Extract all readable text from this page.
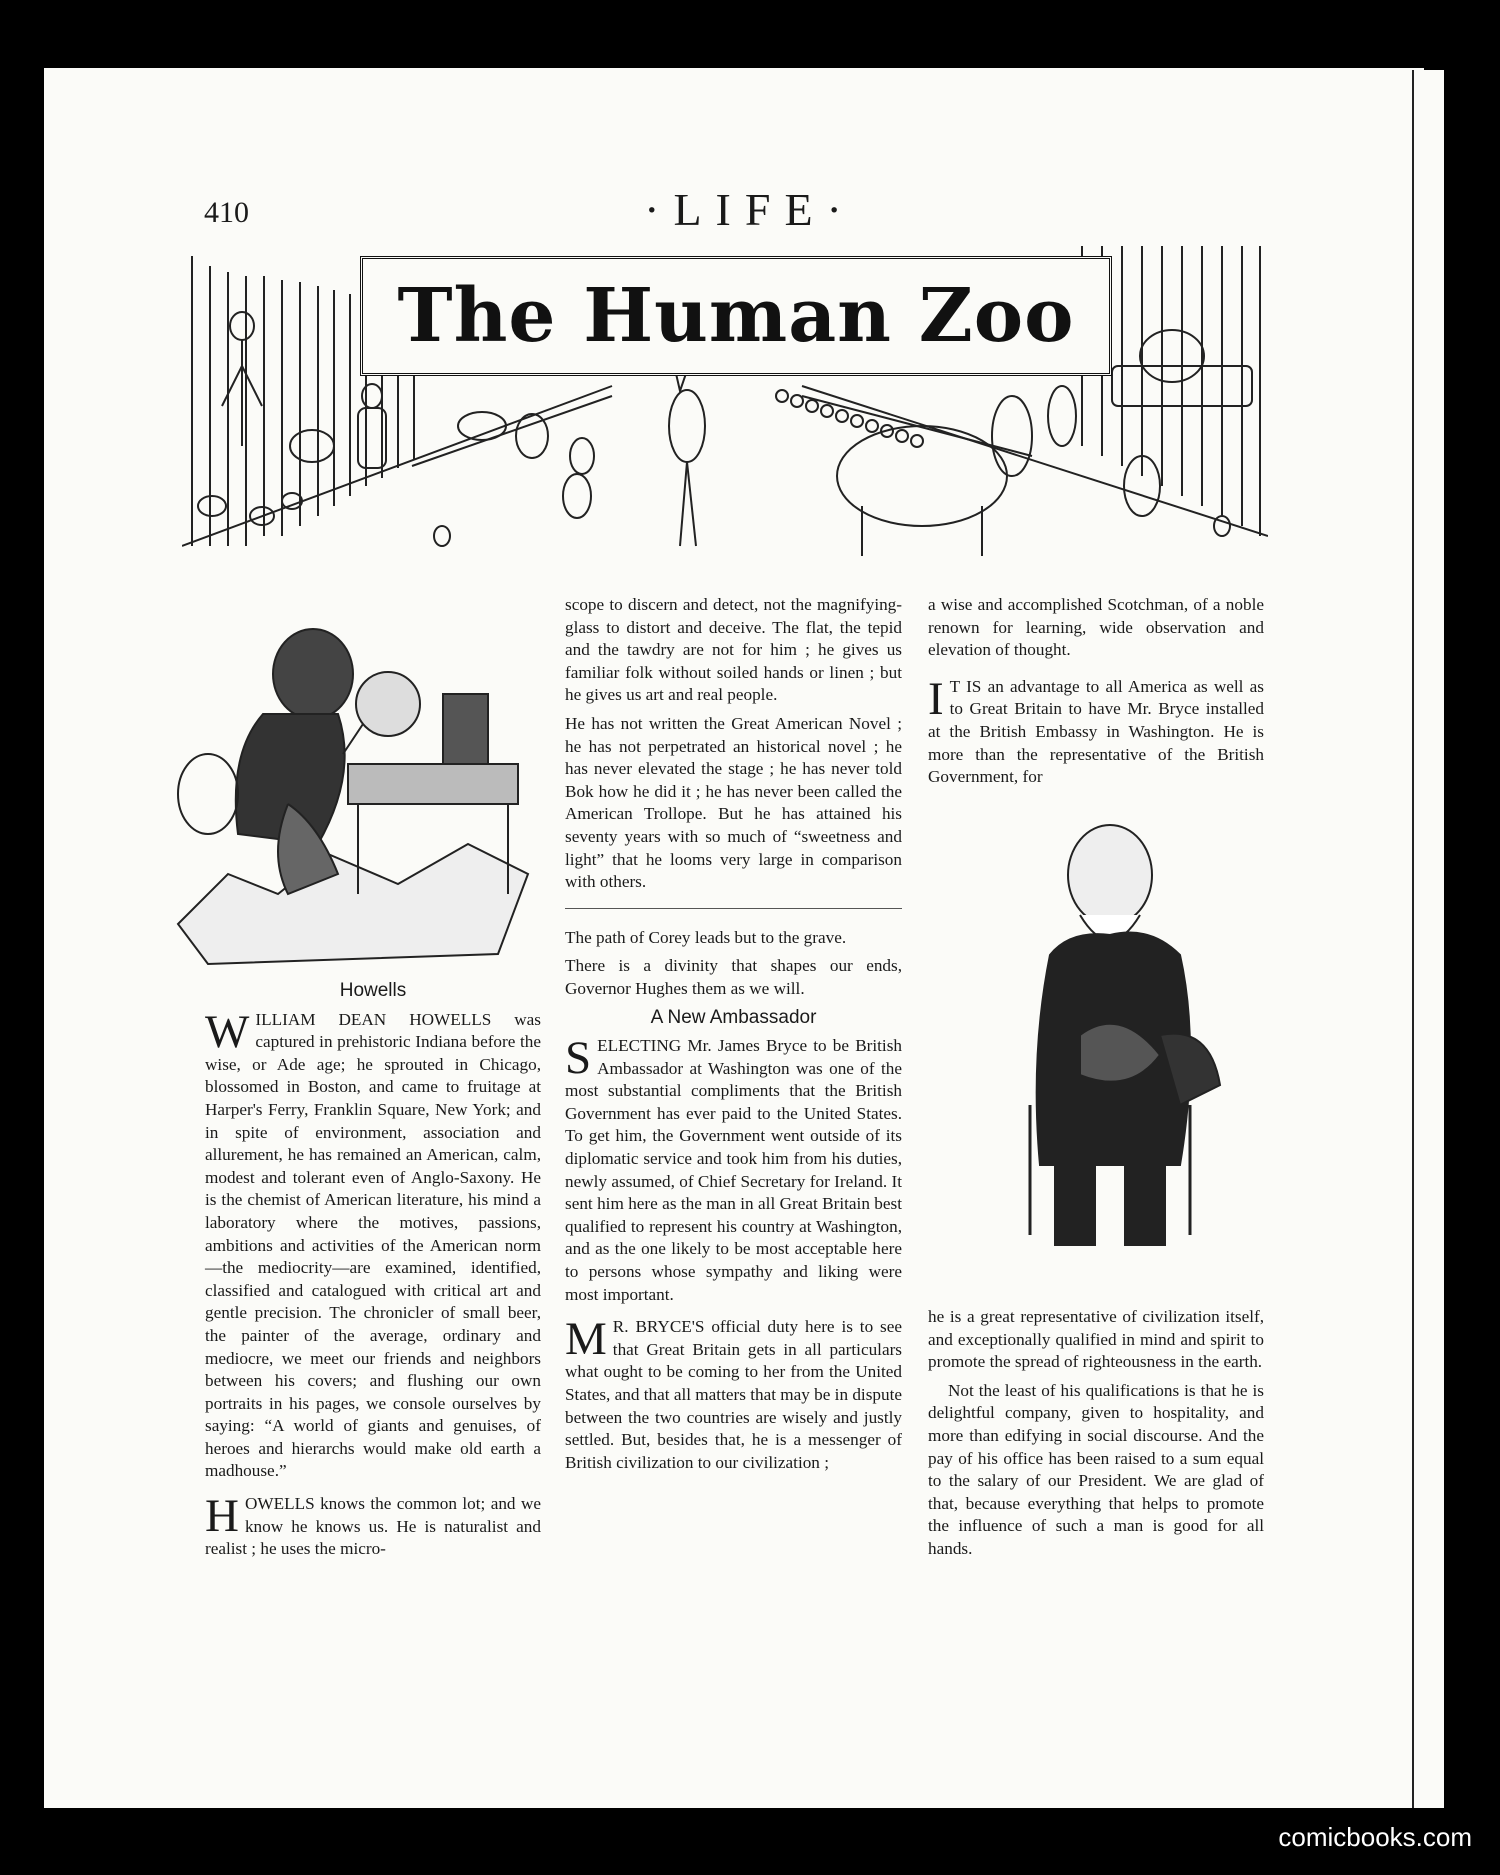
410	·LIFE·
The Human Zoo
Howells

WILLIAM DEAN HOWELLS was captured in prehistoric Indiana before the wise, or Ade age; he sprouted in Chicago, blossomed in Boston, and came to fruitage at Harper's Ferry, Franklin Square, New York; and in spite of environment, association and allurement, he has remained an American, calm, modest and tolerant even of Anglo-Saxony. He is the chemist of American literature, his mind a laboratory where the motives, passions, ambitions and activities of the American norm—the mediocrity—are examined, identified, classified and catalogued with critical art and gentle precision. The chronicler of small beer, the painter of the average, ordinary and mediocre, we meet our friends and neighbors between his covers; and flushing our own portraits in his pages, we console ourselves by saying: “A world of giants and genuises, of heroes and hierarchs would make old earth a madhouse.”

HOWELLS knows the common lot; and we know he knows us. He is naturalist and realist ; he uses the micro-

scope to discern and detect, not the magnifying-glass to distort and deceive. The flat, the tepid and the tawdry are not for him ; he gives us familiar folk without soiled hands or linen ; but he gives us art and real people.

He has not written the Great American Novel ; he has not perpetrated an historical novel ; he has never elevated the stage ; he has never told Bok how he did it ; he has never been called the American Trollope. But he has attained his seventy years with so much of “sweetness and light” that he looms very large in comparison with others.

The path of Corey leads but to the grave.

There is a divinity that shapes our ends, Governor Hughes them as we will.

A New Ambassador

SELECTING Mr. James Bryce to be British Ambassador at Washington was one of the most substantial compliments that the British Government has ever paid to the United States. To get him, the Government went outside of its diplomatic service and took him from his duties, newly assumed, of Chief Secretary for Ireland. It sent him here as the man in all Great Britain best qualified to represent his country at Washington, and as the one likely to be most acceptable here to persons whose sympathy and liking were most important.

M R. BRYCE'S official duty here is to see that Great Britain gets in all particulars what ought to be coming to her from the United States, and that all matters that may be in dispute between the two countries are wisely and justly settled. But, besides that, he is a messenger of British civilization to our civilization ;

a wise and accomplished Scotchman, of a noble renown for learning, wide observation and elevation of thought.

I T IS an advantage to all America as well as to Great Britain to have Mr. Bryce installed at the British Embassy in Washington. He is more than the representative of the British Government, for

he is a great representative of civilization itself, and exceptionally qualified in mind and spirit to promote the spread of righteousness in the earth.

Not the least of his qualifications is that he is delightful company, given to hospitality, and more than edifying in social discourse. And the pay of his office has been raised to a sum equal to the salary of our President. We are glad of that, because everything that helps to promote the influence of such a man is good for all hands.

comicbooks.com
